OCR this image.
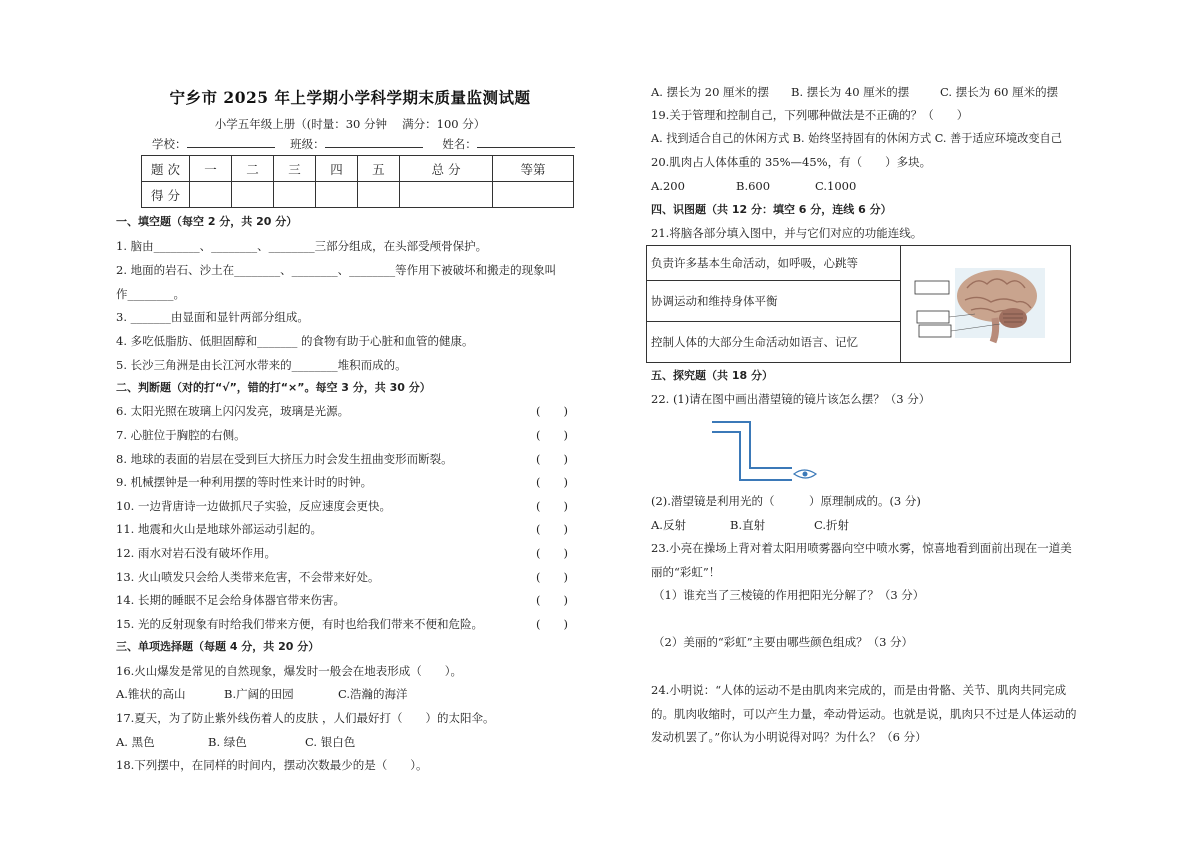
宁乡市 2025 年上学期小学科学期末质量监测试题
小学五年级上册（(时量：30 分钟　 满分：100 分）
学校：	班级：	姓名：
题 次	一	二	三	四	五	总 分	等第
得 分							
一、填空题（每空 2 分，共 20 分）
1. 脑由________、________、________三部分组成，在头部受颅骨保护。
2. 地面的岩石、沙土在________、________、________等作用下被破坏和搬走的现象叫
作________。
3. _______由显面和显针两部分组成。
4. 多吃低脂肪、低胆固醇和_______ 的食物有助于心脏和血管的健康。
5. 长沙三角洲是由长江河水带来的________堆积而成的。
二、判断题（对的打“√”，错的打“×”。每空 3 分，共 30 分）
6. 太阳光照在玻璃上闪闪发亮，玻璃是光源。	(　　)
7. 心脏位于胸腔的右侧。	(　　)
8. 地球的表面的岩层在受到巨大挤压力时会发生扭曲变形而断裂。	(　　)
9. 机械摆钟是一种利用摆的等时性来计时的时钟。	(　　)
10. 一边背唐诗一边做抓尺子实验，反应速度会更快。	(　　)
11. 地震和火山是地球外部运动引起的。	(　　)
12. 雨水对岩石没有破坏作用。	(　　)
13. 火山喷发只会给人类带来危害，不会带来好处。	(　　)
14. 长期的睡眠不足会给身体器官带来伤害。	(　　)
15. 光的反射现象有时给我们带来方便，有时也给我们带来不便和危险。	(　　)
三、单项选择题（每题 4 分，共 20 分）
16.火山爆发是常见的自然现象，爆发时一般会在地表形成（　　）。
A.锥状的高山	B.广阔的田园	C.浩瀚的海洋
17.夏天，为了防止紫外线伤着人的皮肤 ，人们最好打（　　）的太阳伞。
A. 黑色	B. 绿色	C. 银白色
18.下列摆中，在同样的时间内，摆动次数最少的是（　　）。
A. 摆长为 20 厘米的摆 B. 摆长为 40 厘米的摆	C. 摆长为 60 厘米的摆
19.关于管理和控制自己，下列哪种做法是不正确的？（　　）
A. 找到适合自己的休闲方式 B. 始终坚持固有的休闲方式 C. 善于适应环境改变自己
20.肌肉占人体体重的 35%—45%，有（　　）多块。
A.200	B.600	C.1000
四、识图题（共 12 分：填空 6 分，连线 6 分）
21.将脑各部分填入图中，并与它们对应的功能连线。
负责许多基本生命活动，如呼吸，心跳等	
协调运动和维持身体平衡
控制人体的大部分生命活动如语言、记忆
五、探究题（共 18 分）
22. (1)请在图中画出潜望镜的镜片该怎么摆？（3 分）
(2).潜望镜是利用光的（　　　）原理制成的。(3 分)
A.反射	B.直射	C.折射
23.小亮在操场上背对着太阳用喷雾器向空中喷水雾，惊喜地看到面前出现在一道美
丽的“彩虹”！
（1）谁充当了三棱镜的作用把阳光分解了？（3 分）
（2）美丽的“彩虹”主要由哪些颜色组成？（3 分）
24.小明说：“人体的运动不是由肌肉来完成的，而是由骨骼、关节、肌肉共同完成
的。肌肉收缩时，可以产生力量，牵动骨运动。也就是说，肌肉只不过是人体运动的
发动机罢了。”你认为小明说得对吗？为什么？（6 分）
